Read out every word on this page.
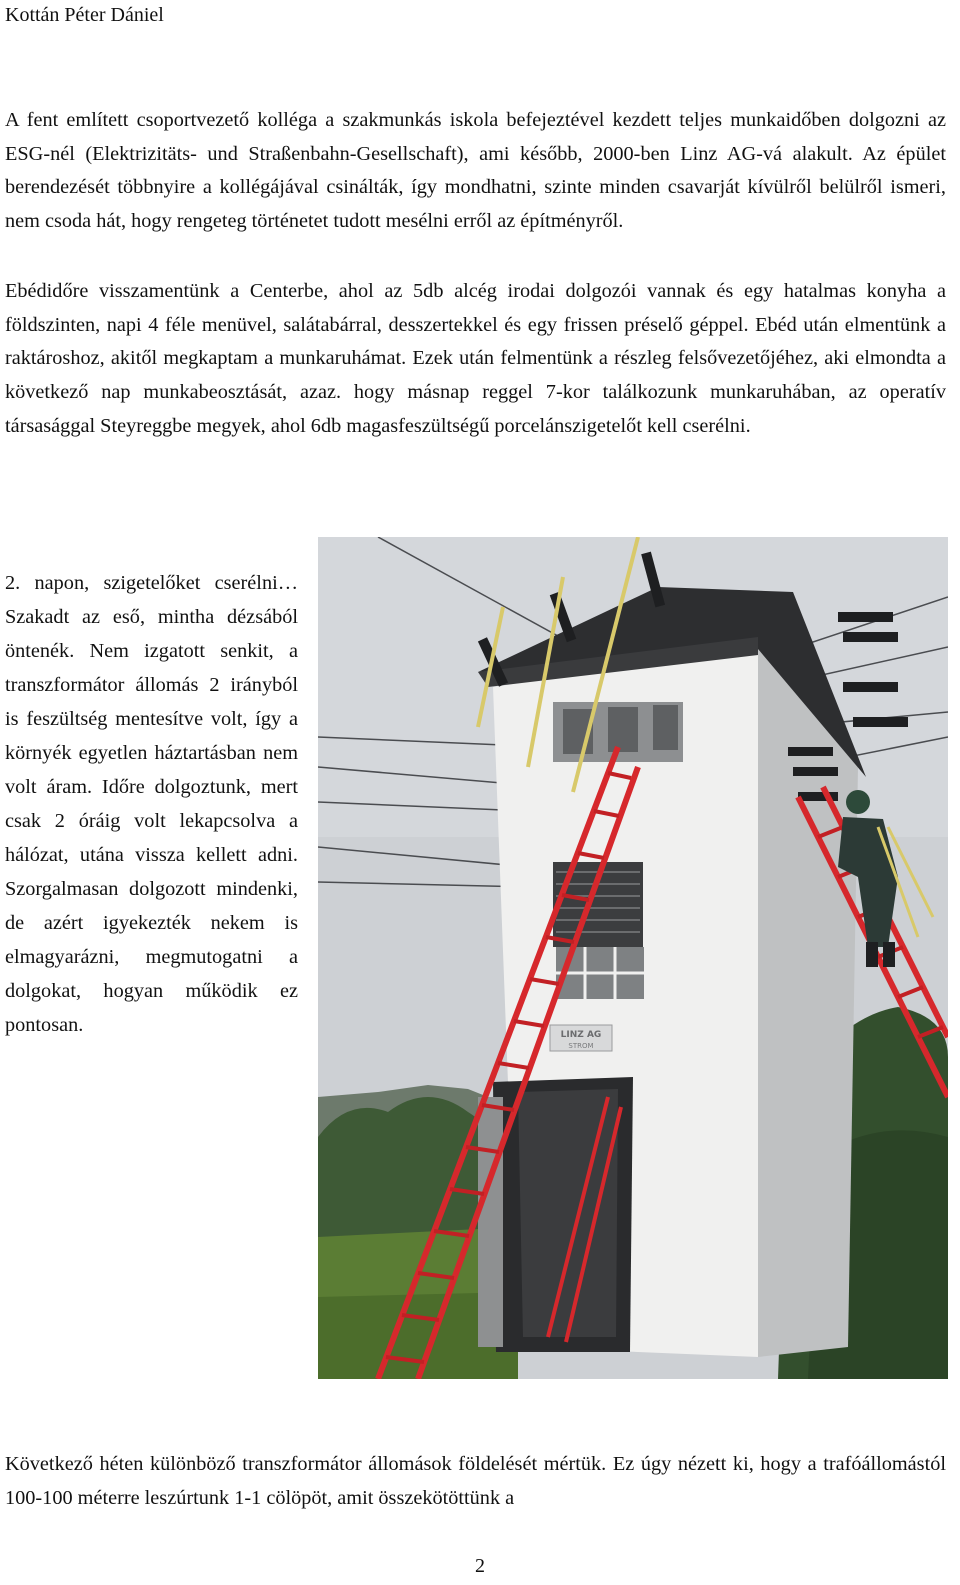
Kottán Péter Dániel

A fent említett csoportvezető kolléga a szakmunkás iskola befejeztével kezdett teljes munkaidőben dolgozni az ESG-nél (Elektrizitäts- und Straßenbahn-Gesellschaft), ami később, 2000-ben Linz AG-vá alakult. Az épület berendezését többnyire a kollégájával csinálták, így mondhatni, szinte minden csavarját kívülről belülről ismeri, nem csoda hát, hogy rengeteg történetet tudott mesélni erről az építményről.

Ebédidőre visszamentünk a Centerbe, ahol az 5db alcég irodai dolgozói vannak és egy hatalmas konyha a földszinten, napi 4 féle menüvel, salátabárral, desszertekkel és egy frissen préselő géppel. Ebéd után elmentünk a raktároshoz, akitől megkaptam a munkaruhámat. Ezek után felmentünk a részleg felsővezetőjéhez, aki elmondta a következő nap munkabeosztását, azaz. hogy másnap reggel 7-kor találkozunk munkaruhában, az operatív társasággal Steyreggbe megyek, ahol 6db magasfeszültségű porcelánszigetelőt kell cserélni.

2. napon, szigetelőket cserélni… Szakadt az eső, mintha dézsából öntenék. Nem izgatott senkit, a transzformátor állomás 2 irányból is feszültség mentesítve volt, így a környék egyetlen háztartásban nem volt áram. Időre dolgoztunk, mert csak 2 óráig volt lekapcsolva a hálózat, utána vissza kellett adni. Szorgalmasan dolgozott mindenki, de azért igyekezték nekem is elmagyarázni, megmutogatni a dolgokat, hogyan működik ez pontosan.	LINZ AG
STROM

Következő héten különböző transzformátor állomások földelését mértük. Ez úgy nézett ki, hogy a trafóállomástól 100-100 méterre leszúrtunk 1-1 cölöpöt, amit összekötöttünk a

2
